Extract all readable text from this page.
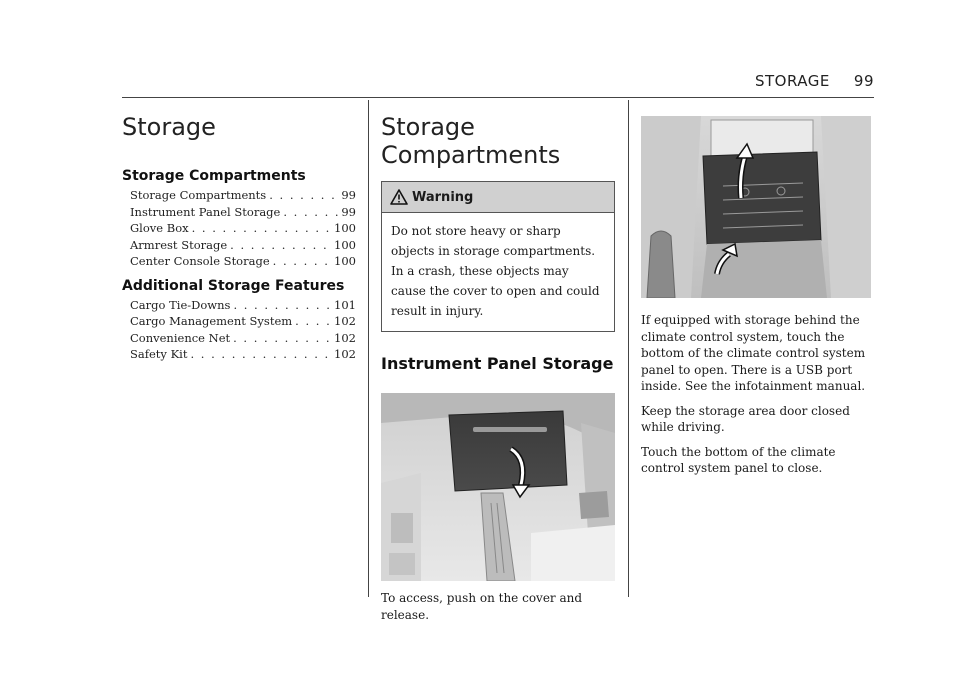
STORAGE 99
Storage
Storage Compartments
Storage Compartments . . .	99
Instrument Panel Storage . . .	99
Glove Box . . .	100
Armrest Storage . . .	100
Center Console Storage . . .	100
Additional Storage Features
Cargo Tie-Downs . . .	101
Cargo Management System . . .	102
Convenience Net . . .	102
Safety Kit . . .	102
Storage Compartments
Warning
Do not store heavy or sharp objects in storage compartments. In a crash, these objects may cause the cover to open and could result in injury.
Instrument Panel Storage

To access, push on the cover and release.

If equipped with storage behind the climate control system, touch the bottom of the climate control system panel to open. There is a USB port inside. See the infotainment manual.

Keep the storage area door closed while driving.

Touch the bottom of the climate control system panel to close.
